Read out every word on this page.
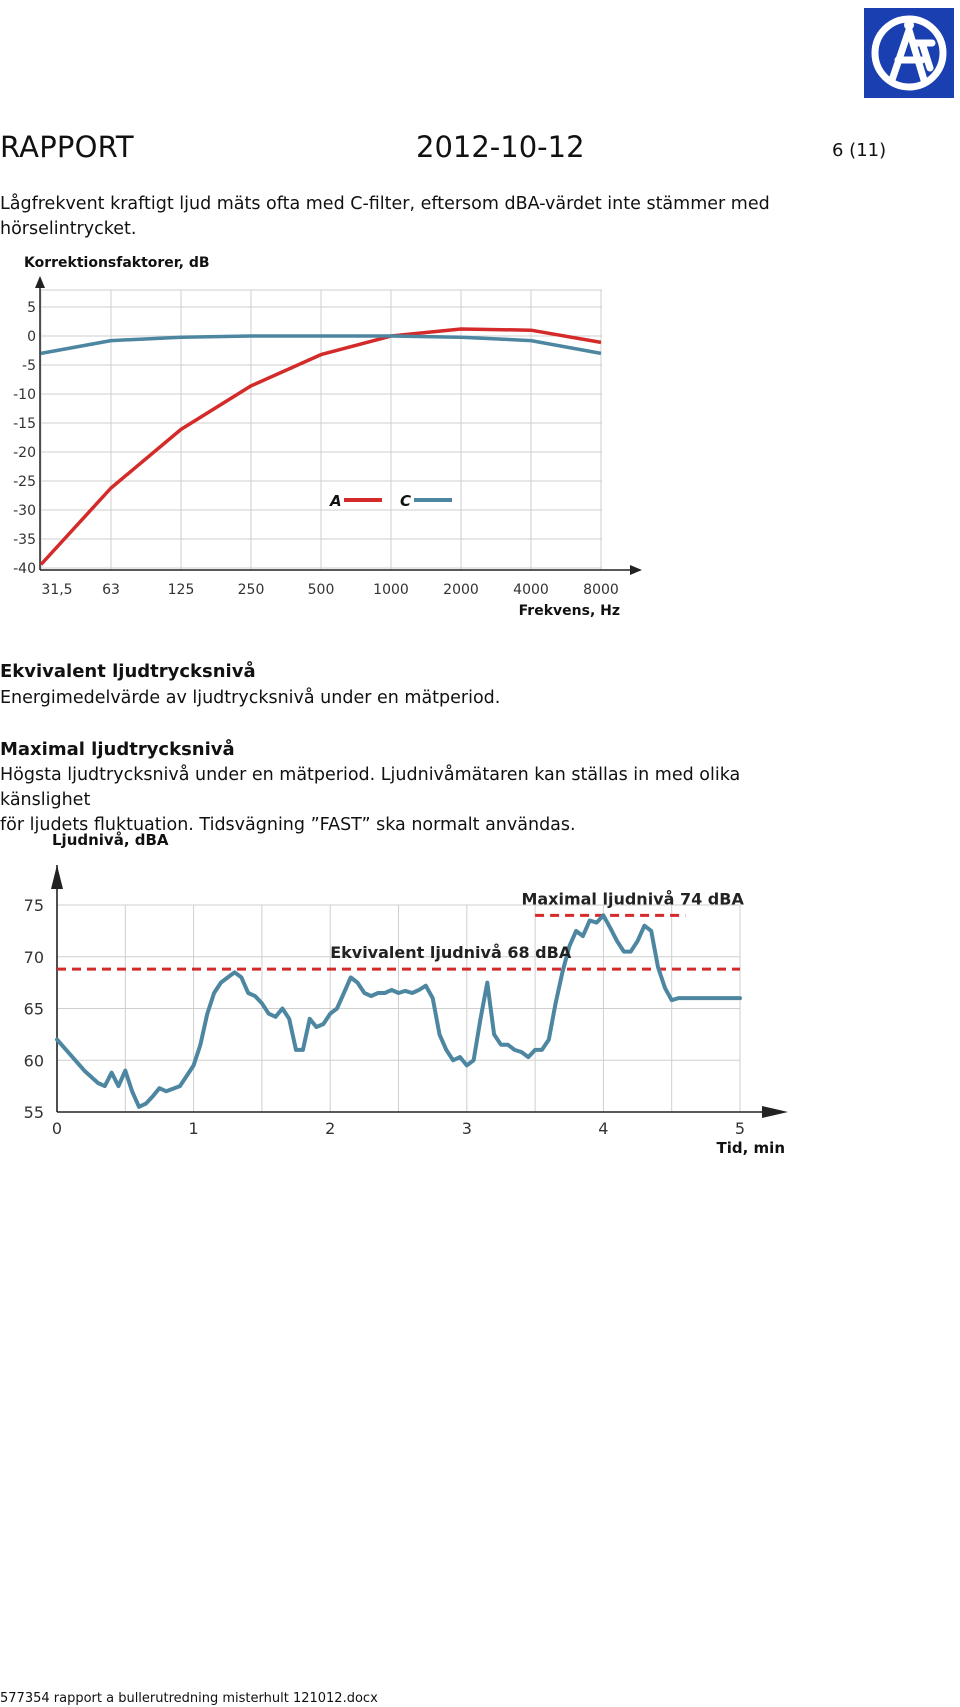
RAPPORT	2012-10-12	6 (11)
Lågfrekvent kraftigt ljud mäts ofta med C-filter, eftersom dBA-värdet inte stämmer med
hörselintrycket.
Korrektionsfaktorer, dB
5
0
-5
-10
-15
-20
-25
-30
-35
-40
31,5 63	125	250	500	1000 2000 4000 8000
A	C
Frekvens, Hz
Ekvivalent ljudtrycksnivå
Energimedelvärde av ljudtrycksnivå under en mätperiod.
Maximal ljudtrycksnivå
Högsta ljudtrycksnivå under en mätperiod. Ljudnivåmätaren kan ställas in med olika känslighet
för ljudets fluktuation. Tidsvägning ”FAST” ska normalt användas.
Ljudnivå, dBA
75
70
65
60
55
0	1	2	3	4	5
Maximal ljudnivå 74 dBA
Ekvivalent ljudnivå 68 dBA
Tid, min
577354 rapport a bullerutredning misterhult 121012.docx
